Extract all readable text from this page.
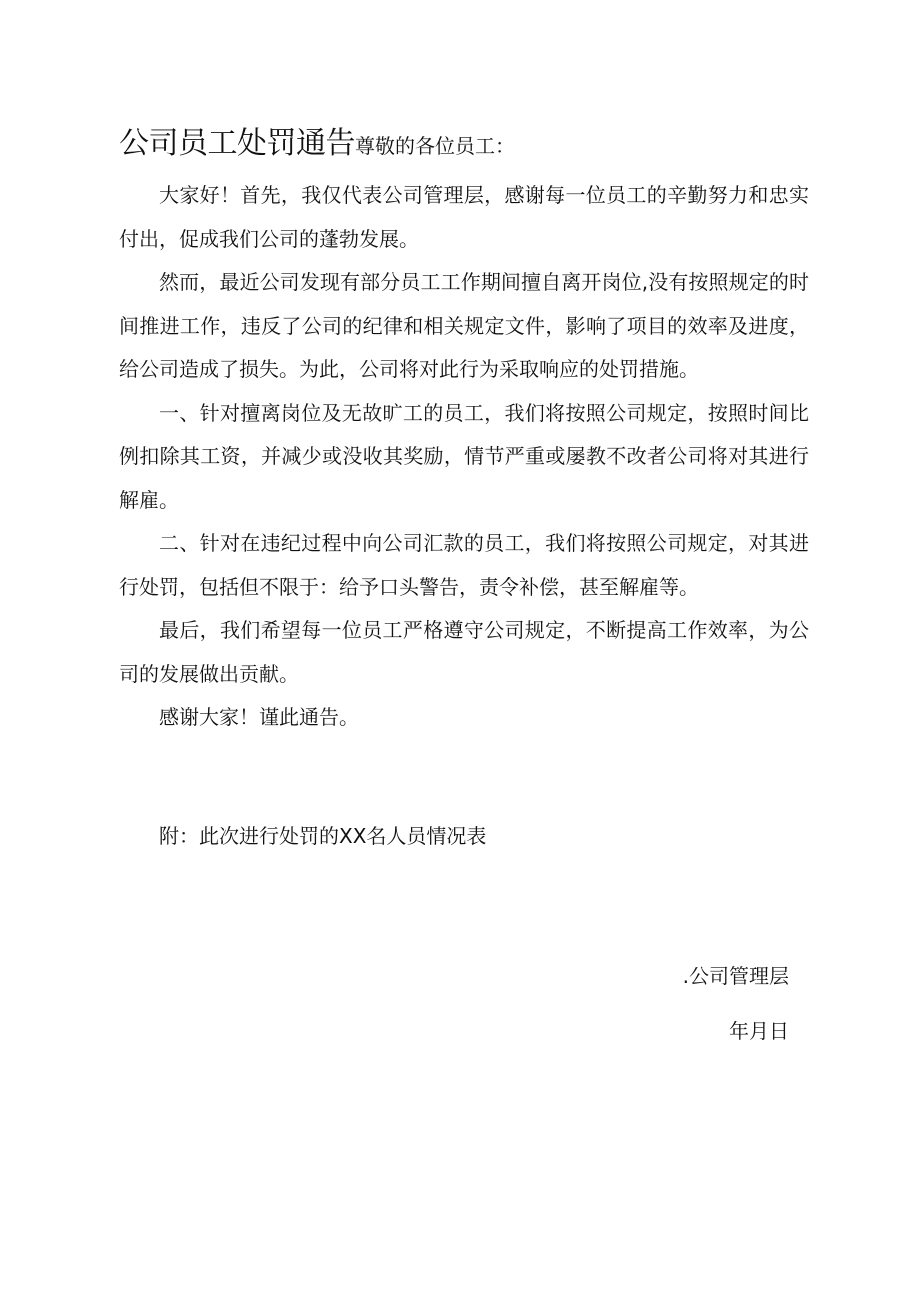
公司员工处罚通告尊敬的各位员工：

大家好！首先，我仅代表公司管理层，感谢每一位员工的辛勤努力和忠实付出，促成我们公司的蓬勃发展。

然而，最近公司发现有部分员工工作期间擅自离开岗位,没有按照规定的时间推进工作，违反了公司的纪律和相关规定文件，影响了项目的效率及进度，给公司造成了损失。为此，公司将对此行为采取响应的处罚措施。

一、针对擅离岗位及无故旷工的员工，我们将按照公司规定，按照时间比例扣除其工资，并减少或没收其奖励，情节严重或屡教不改者公司将对其进行解雇。

二、针对在违纪过程中向公司汇款的员工，我们将按照公司规定，对其进行处罚，包括但不限于：给予口头警告，责令补偿，甚至解雇等。

最后，我们希望每一位员工严格遵守公司规定，不断提高工作效率，为公司的发展做出贡献。

感谢大家！谨此通告。

附：此次进行处罚的XX名人员情况表
.公司管理层
年月日
